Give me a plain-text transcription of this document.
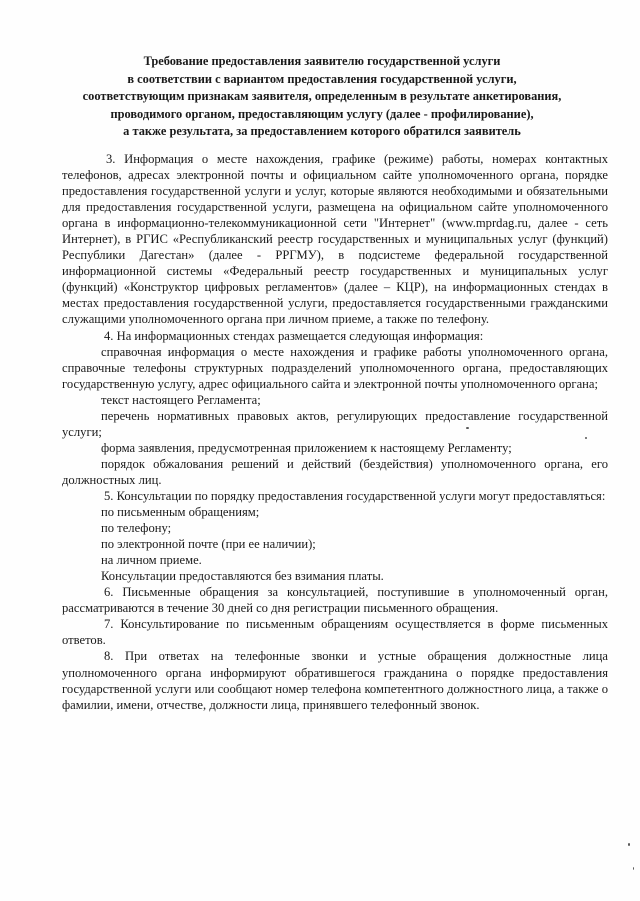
Требование предоставления заявителю государственной услуги
в соответствии с вариантом предоставления государственной услуги,
соответствующим признакам заявителя, определенным в результате анкетирования,
проводимого органом, предоставляющим услугу (далее - профилирование),
а также результата, за предоставлением которого обратился заявитель

3. Информация о месте нахождения, графике (режиме) работы, номерах контактных телефонов, адресах электронной почты и официальном сайте уполномоченного органа, порядке предоставления государственной услуги и услуг, которые являются необходимыми и обязательными для предоставления государственной услуги, размещена на официальном сайте уполномоченного органа в информационно-телекоммуникационной сети "Интернет" (www.mprdag.ru, далее - сеть Интернет), в РГИС «Республиканский реестр государственных и муниципальных услуг (функций) Республики Дагестан» (далее - РРГМУ), в подсистеме федеральной государственной информационной системы «Федеральный реестр государственных и муниципальных услуг (функций) «Конструктор цифровых регламентов» (далее – КЦР), на информационных стендах в местах предоставления государственной услуги, предоставляется государственными гражданскими служащими уполномоченного органа при личном приеме, а также по телефону.

4. На информационных стендах размещается следующая информация:

справочная информация о месте нахождения и графике работы уполномоченного органа, справочные телефоны структурных подразделений уполномоченного органа, предоставляющих государственную услугу, адрес официального сайта и электронной почты уполномоченного органа;

текст настоящего Регламента;

перечень нормативных правовых актов, регулирующих предоставление государственной услуги;

форма заявления, предусмотренная приложением к настоящему Регламенту;

порядок обжалования решений и действий (бездействия) уполномоченного органа, его должностных лиц.

5. Консультации по порядку предоставления государственной услуги могут предоставляться:

по письменным обращениям;

по телефону;

по электронной почте (при ее наличии);

на личном приеме.

Консультации предоставляются без взимания платы.

6. Письменные обращения за консультацией, поступившие в уполномоченный орган, рассматриваются в течение 30 дней со дня регистрации письменного обращения.

7. Консультирование по письменным обращениям осуществляется в форме письменных ответов.

8. При ответах на телефонные звонки и устные обращения должностные лица уполномоченного органа информируют обратившегося гражданина о порядке предоставления государственной услуги или сообщают номер телефона компетентного должностного лица, а также о фамилии, имени, отчестве, должности лица, принявшего телефонный звонок.
